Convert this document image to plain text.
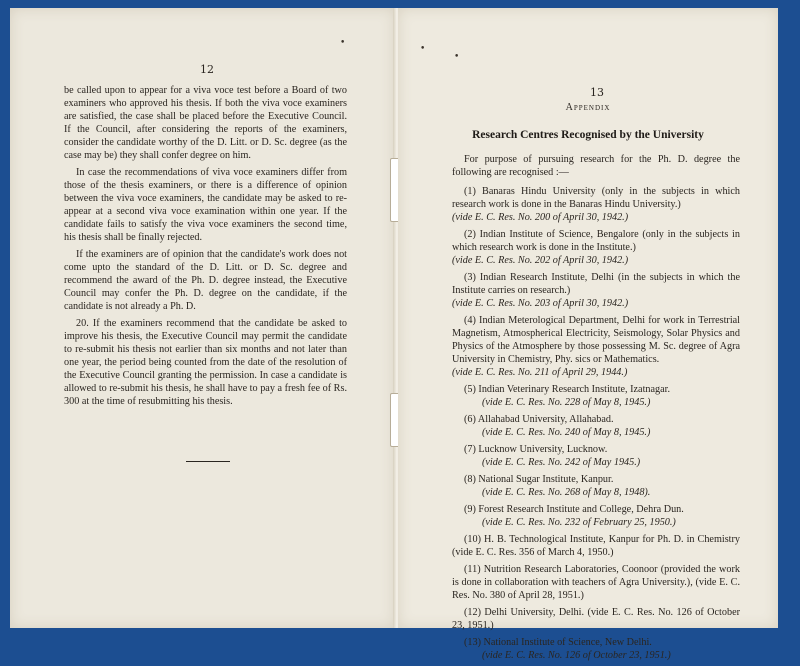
•
12

be called upon to appear for a viva voce test before a Board of two examiners who approved his thesis. If both the viva voce examiners are satisfied, the case shall be placed before the Executive Council. If the Council, after considering the reports of the examiners, consider the candidate worthy of the D. Litt. or D. Sc. degree (as the case may be) they shall confer degree on him.

In case the recommendations of viva voce examiners differ from those of the thesis examiners, or there is a difference of opinion between the viva voce examiners, the candidate may be asked to re-appear at a second viva voce examination within one year. If the candidate fails to satisfy the viva voce examiners the second time, his thesis shall be finally rejected.

If the examiners are of opinion that the candidate's work does not come upto the standard of the D. Litt. or D. Sc. degree and recommend the award of the Ph. D. degree instead, the Executive Council may confer the Ph. D. degree on the candidate, if the candidate is not already a Ph. D.

20. If the examiners recommend that the candidate be asked to improve his thesis, the Executive Council may permit the candidate to re-submit his thesis not earlier than six months and not later than one year, the period being counted from the date of the resolution of the Executive Council granting the permission. In case a candidate is allowed to re-submit his thesis, he shall have to pay a fresh fee of Rs. 300 at the time of resubmitting his thesis.

•
•
13
Appendix
Research Centres Recognised by the University

For purpose of pursuing research for the Ph. D. degree the following are recognised :—

(1) Banaras Hindu University (only in the subjects in which research work is done in the Banaras Hindu University.)
(vide E. C. Res. No. 200 of April 30, 1942.)
(2) Indian Institute of Science, Bengalore (only in the subjects in which research work is done in the Institute.)
(vide E. C. Res. No. 202 of April 30, 1942.)
(3) Indian Research Institute, Delhi (in the subjects in which the Institute carries on research.)
(vide E. C. Res. No. 203 of April 30, 1942.)
(4) Indian Meterological Department, Delhi for work in Terrestrial Magnetism, Atmospherical Electricity, Seismology, Solar Physics and Physics of the Atmosphere by those possessing M. Sc. degree of Agra University in Chemistry, Phy. sics or Mathematics.
(vide E. C. Res. No. 211 of April 29, 1944.)
(5) Indian Veterinary Research Institute, Izatnagar.
(vide E. C. Res. No. 228 of May 8, 1945.)
(6) Allahabad University, Allahabad.
(vide E. C. Res. No. 240 of May 8, 1945.)
(7) Lucknow University, Lucknow.
(vide E. C. Res. No. 242 of May 1945.)
(8) National Sugar Institute, Kanpur.
(vide E. C. Res. No. 268 of May 8, 1948).
(9) Forest Research Institute and College, Dehra Dun.
(vide E. C. Res. No. 232 of February 25, 1950.)
(10) H. B. Technological Institute, Kanpur for Ph. D. in Chemistry (vide E. C. Res. 356 of March 4, 1950.)
(11) Nutrition Research Laboratories, Coonoor (provided the work is done in collaboration with teachers of Agra University.), (vide E. C. Res. No. 380 of April 28, 1951.)
(12) Delhi University, Delhi. (vide E. C. Res. No. 126 of October 23, 1951.)
(13) National Institute of Science, New Delhi.
(vide E. C. Res. No. 126 of October 23, 1951.)
